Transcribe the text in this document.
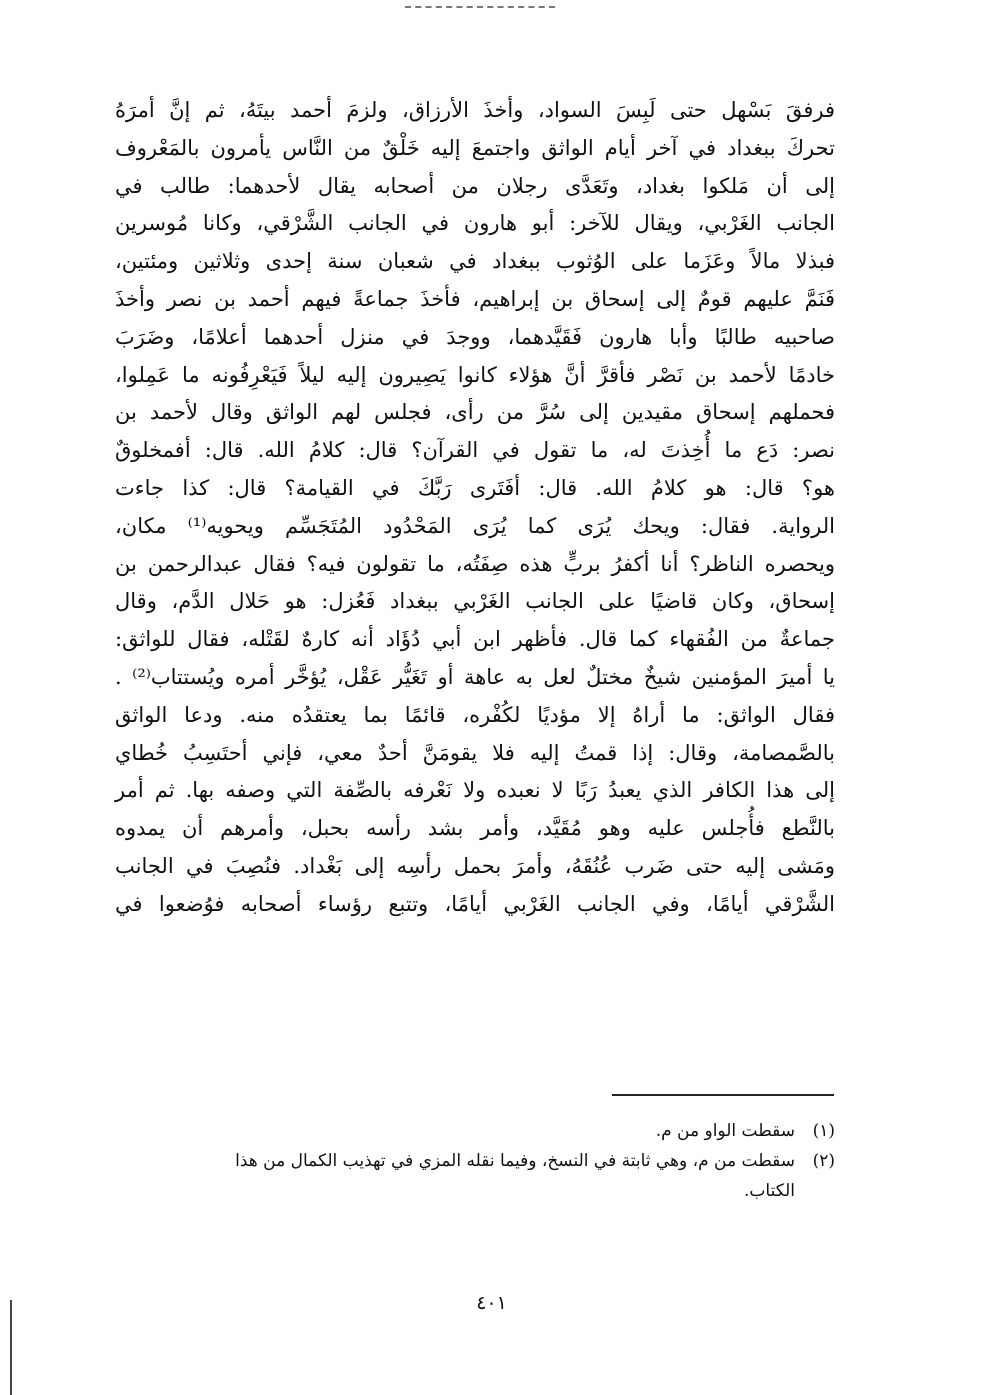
فرفقَ بَسْهل حتى لَبِسَ السواد، وأخذَ الأرزاق، ولزمَ أحمد بيتَهُ، ثم إنَّ أمرَهُ
تحركَ ببغداد في آخر أيام الواثق واجتمعَ إليه خَلْقٌ من النَّاس يأمرون بالمَعْروف
إلى أن مَلكوا بغداد، وتَعَدَّى رجلان من أصحابه يقال لأحدهما: طالب في
الجانب الغَرْبي، ويقال للآخر: أبو هارون في الجانب الشَّرْقي، وكانا مُوسرين
فبذلا مالاً وعَزَما على الوُثوب ببغداد في شعبان سنة إحدى وثلاثين ومئتين،
فَنَمَّ عليهم قومٌ إلى إسحاق بن إبراهيم، فأخذَ جماعةً فيهم أحمد بن نصر وأخذَ
صاحبيه طالبًا وأبا هارون فَقَيَّدهما، ووجدَ في منزل أحدهما أعلامًا، وضَرَبَ
خادمًا لأحمد بن نَصْر فأقرَّ أنَّ هؤلاء كانوا يَصِيرون إليه ليلاً فَيَعْرِفُونه ما عَمِلوا،
فحملهم إسحاق مقيدين إلى سُرَّ من رأى، فجلس لهم الواثق وقال لأحمد بن
نصر: دَع ما أُخِذتَ له، ما تقول في القرآن؟ قال: كلامُ الله. قال: أفمخلوقٌ
هو؟ قال: هو كلامُ الله. قال: أفَتَرى رَبَّكَ في القيامة؟ قال: كذا جاءت
الرواية. فقال: ويحك يُرَى كما يُرَى المَحْدُود المُتَجَسِّم ويحويه⁽¹⁾ مكان،
ويحصره الناظر؟ أنا أكفرُ بربٍّ هذه صِفَتُه، ما تقولون فيه؟ فقال عبدالرحمن بن
إسحاق، وكان قاضيًا على الجانب الغَرْبي ببغداد فَعُزل: هو حَلال الدَّم، وقال
جماعةٌ من الفُقهاء كما قال. فأظهر ابن أبي دُؤَاد أنه كارهٌ لقَتْله، فقال للواثق:
يا أميرَ المؤمنين شيخٌ مختلٌ لعل به عاهة أو تَغَيُّر عَقْل، يُؤخَّر أمره ويُستتاب⁽²⁾ .
فقال الواثق: ما أراهُ إلا مؤديًا لكُفْره، قائمًا بما يعتقدُه منه. ودعا الواثق
بالصَّمصامة، وقال: إذا قمتُ إليه فلا يقومَنَّ أحدٌ معي، فإني أحتَسِبُ خُطاي
إلى هذا الكافر الذي يعبدُ رَبًا لا نعبده ولا نَعْرفه بالصِّفة التي وصفه بها. ثم أمر
بالنَّطع فأُجلس عليه وهو مُقَيَّد، وأمر بشد رأسه بحبل، وأمرهم أن يمدوه
ومَشى إليه حتى ضَرب عُنُقَهُ، وأمرَ بحمل رأسِه إلى بَغْداد. فنُصِبَ في الجانب
الشَّرْقي أيامًا، وفي الجانب الغَرْبي أيامًا، وتتبع رؤساء أصحابه فوُضعوا في
(١)سقطت الواو من م.
(٢)سقطت من م، وهي ثابتة في النسخ، وفيما نقله المزي في تهذيب الكمال من هذا
الكتاب.
٤٠١
